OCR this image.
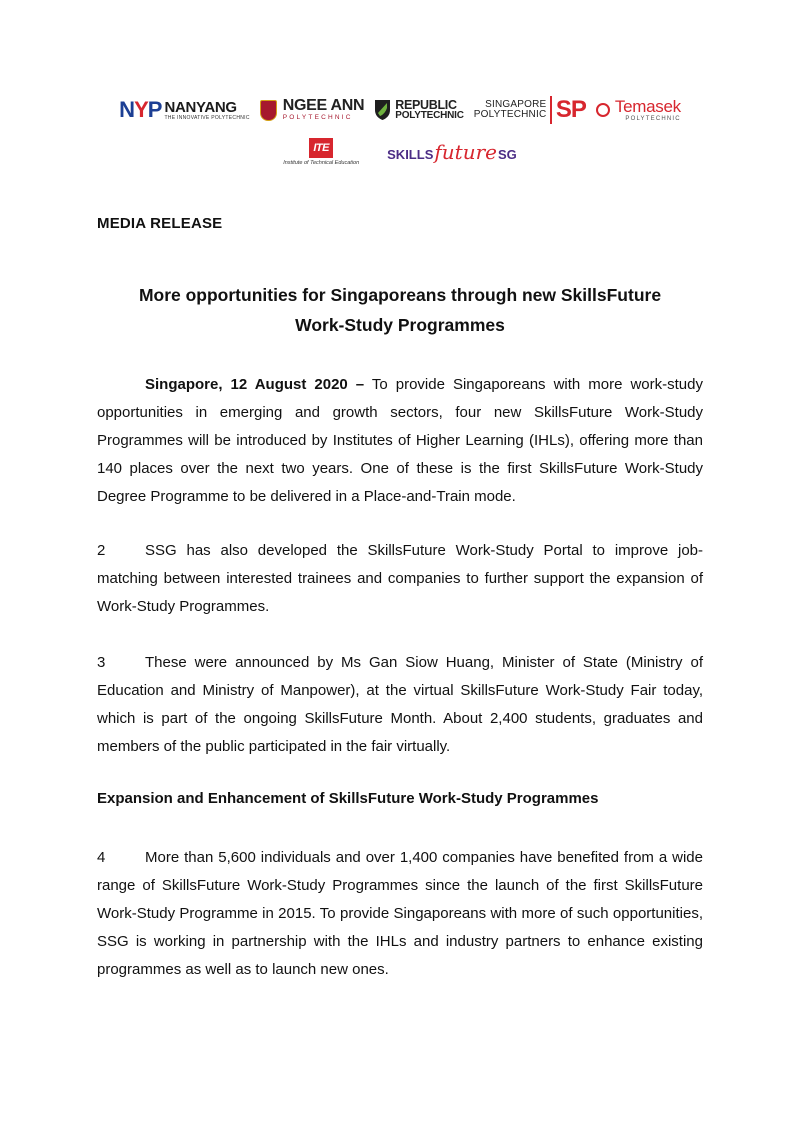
NYP NANYANG
THE INNOVATIVE POLYTECHNIC
NGEE ANN
POLYTECHNIC
REPUBLIC
POLYTECHNIC
SINGAPORE
POLYTECHNIC SP Temasek
POLYTECHNIC
ITE
Institute of Technical Education
SKILLS future SG
MEDIA RELEASE
More opportunities for Singaporeans through new SkillsFuture
Work-Study Programmes

Singapore, 12 August 2020 – To provide Singaporeans with more work-study opportunities in emerging and growth sectors, four new SkillsFuture Work-Study Programmes will be introduced by Institutes of Higher Learning (IHLs), offering more than 140 places over the next two years. One of these is the first SkillsFuture Work-Study Degree Programme to be delivered in a Place-and-Train mode.

2	SSG has also developed the SkillsFuture Work-Study Portal to improve job-matching between interested trainees and companies to further support the expansion of Work-Study Programmes.

3	These were announced by Ms Gan Siow Huang, Minister of State (Ministry of Education and Ministry of Manpower), at the virtual SkillsFuture Work-Study Fair today, which is part of the ongoing SkillsFuture Month. About 2,400 students, graduates and members of the public participated in the fair virtually.

Expansion and Enhancement of SkillsFuture Work-Study Programmes

4	More than 5,600 individuals and over 1,400 companies have benefited from a wide range of SkillsFuture Work-Study Programmes since the launch of the first SkillsFuture Work-Study Programme in 2015. To provide Singaporeans with more of such opportunities, SSG is working in partnership with the IHLs and industry partners to enhance existing programmes as well as to launch new ones.
